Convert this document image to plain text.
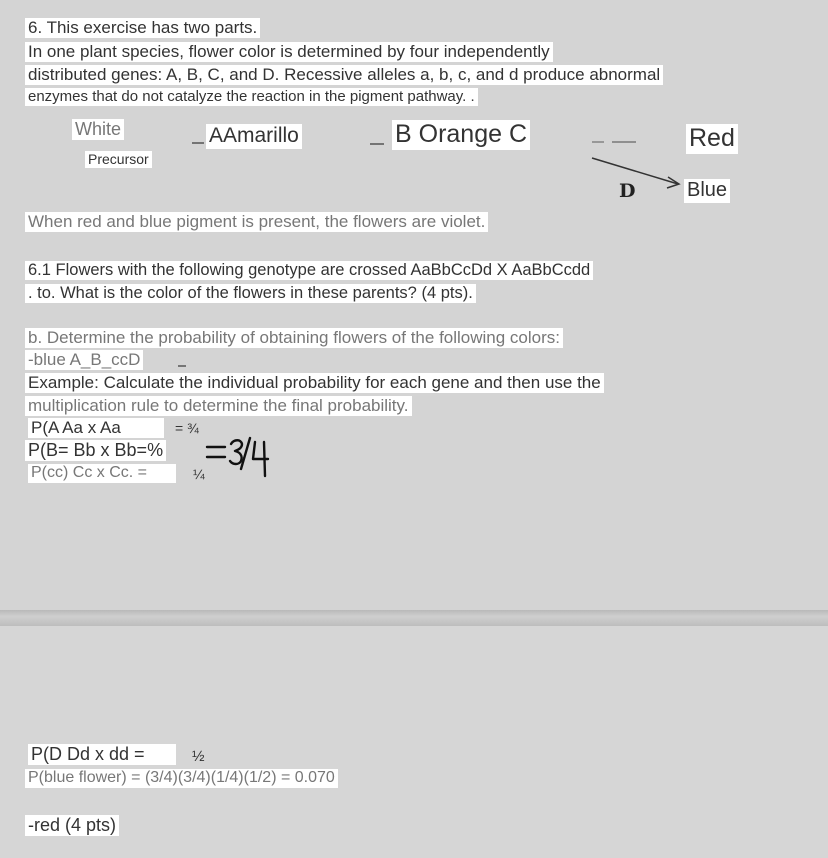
6. This exercise has two parts.
In one plant species, flower color is determined by four independently
distributed genes: A, B, C, and D. Recessive alleles a, b, c, and d produce abnormal
enzymes that do not catalyze the reaction in the pigment pathway. .
White
Precursor
AAmarillo	B Orange C	Red
D	Blue
When red and blue pigment is present, the flowers are violet.
6.1 Flowers with the following genotype are crossed AaBbCcDd X AaBbCcdd
. to. What is the color of the flowers in these parents? (4 pts).
b. Determine the probability of obtaining flowers of the following colors:
-blue A_B_ccD
Example: Calculate the individual probability for each gene and then use the
multiplication rule to determine the final probability.
P(A Aa x Aa	= ¾
P(B= Bb x Bb=%
P(cc) Cc x Cc. =	¼
P(D Dd x dd =	½
P(blue flower) = (3/4)(3/4)(1/4)(1/2) = 0.070
-red (4 pts)
